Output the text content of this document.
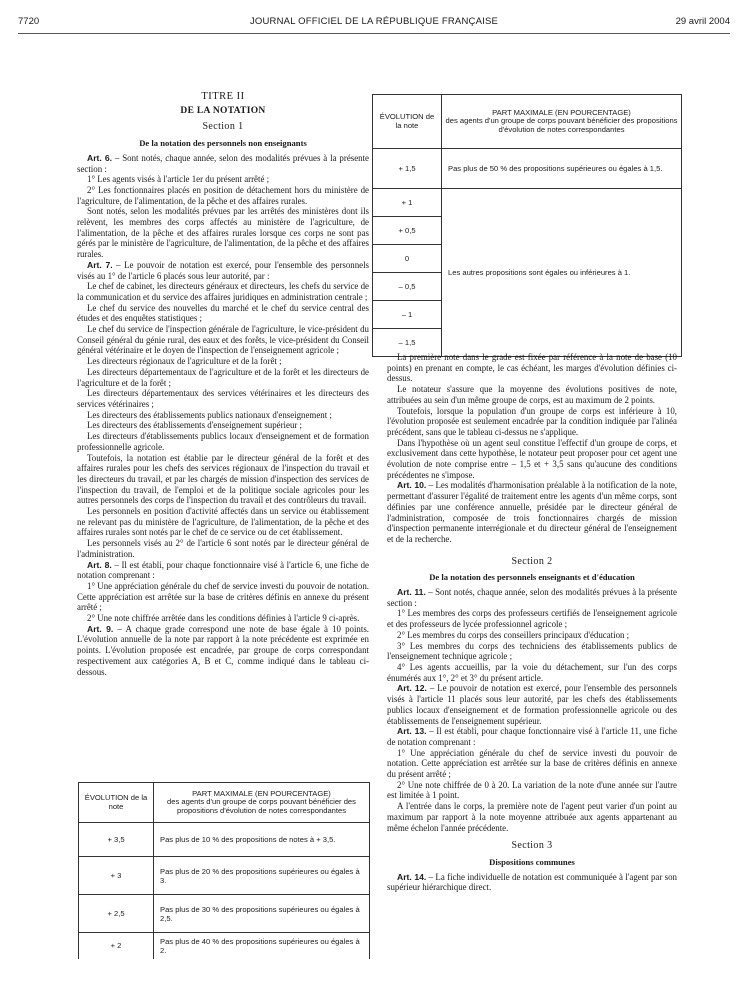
7720	JOURNAL OFFICIEL DE LA RÉPUBLIQUE FRANÇAISE	29 avril 2004
TITRE II
DE LA NOTATION
Section 1
De la notation des personnels non enseignants

Art. 6. – Sont notés, chaque année, selon des modalités prévues à la présente section :

1° Les agents visés à l'article 1er du présent arrêté ;

2° Les fonctionnaires placés en position de détachement hors du ministère de l'agriculture, de l'alimentation, de la pêche et des affaires rurales.

Sont notés, selon les modalités prévues par les arrêtés des ministères dont ils relèvent, les membres des corps affectés au ministère de l'agriculture, de l'alimentation, de la pêche et des affaires rurales lorsque ces corps ne sont pas gérés par le ministère de l'agriculture, de l'alimentation, de la pêche et des affaires rurales.

Art. 7. – Le pouvoir de notation est exercé, pour l'ensemble des personnels visés au 1° de l'article 6 placés sous leur autorité, par :

Le chef de cabinet, les directeurs généraux et directeurs, les chefs du service de la communication et du service des affaires juridiques en administration centrale ;

Le chef du service des nouvelles du marché et le chef du service central des études et des enquêtes statistiques ;

Le chef du service de l'inspection générale de l'agriculture, le vice-président du Conseil général du génie rural, des eaux et des forêts, le vice-président du Conseil général vétérinaire et le doyen de l'inspection de l'enseignement agricole ;

Les directeurs régionaux de l'agriculture et de la forêt ;

Les directeurs départementaux de l'agriculture et de la forêt et les directeurs de l'agriculture et de la forêt ;

Les directeurs départementaux des services vétérinaires et les directeurs des services vétérinaires ;

Les directeurs des établissements publics nationaux d'enseignement ;

Les directeurs des établissements d'enseignement supérieur ;

Les directeurs d'établissements publics locaux d'enseignement et de formation professionnelle agricole.

Toutefois, la notation est établie par le directeur général de la forêt et des affaires rurales pour les chefs des services régionaux de l'inspection du travail et les directeurs du travail, et par les chargés de mission d'inspection des services de l'inspection du travail, de l'emploi et de la politique sociale agricoles pour les autres personnels des corps de l'inspection du travail et des contrôleurs du travail.

Les personnels en position d'activité affectés dans un service ou établissement ne relevant pas du ministère de l'agriculture, de l'alimentation, de la pêche et des affaires rurales sont notés par le chef de ce service ou de cet établissement.

Les personnels visés au 2° de l'article 6 sont notés par le directeur général de l'administration.

Art. 8. – Il est établi, pour chaque fonctionnaire visé à l'article 6, une fiche de notation comprenant :

1° Une appréciation générale du chef de service investi du pouvoir de notation. Cette appréciation est arrêtée sur la base de critères définis en annexe du présent arrêté ;

2° Une note chiffrée arrêtée dans les conditions définies à l'article 9 ci-après.

Art. 9. – A chaque grade correspond une note de base égale à 10 points. L'évolution annuelle de la note par rapport à la note précédente est exprimée en points. L'évolution proposée est encadrée, par groupe de corps correspondant respectivement aux catégories A, B et C, comme indiqué dans le tableau ci-dessous.

ÉVOLUTION de la note	PART MAXIMALE (EN POURCENTAGE)
des agents d'un groupe de corps pouvant bénéficier des propositions d'évolution de notes correspondantes
+ 1,5	Pas plus de 50 % des propositions supérieures ou égales à 1,5.
+ 1	Les autres propositions sont égales ou inférieures à 1.
+ 0,5	
0	
– 0,5	
– 1	
– 1,5	

La première note dans le grade est fixée par référence à la note de base (10 points) en prenant en compte, le cas échéant, les marges d'évolution définies ci-dessus.

Le notateur s'assure que la moyenne des évolutions positives de note, attribuées au sein d'un même groupe de corps, est au maximum de 2 points.

Toutefois, lorsque la population d'un groupe de corps est inférieure à 10, l'évolution proposée est seulement encadrée par la condition indiquée par l'alinéa précédent, sans que le tableau ci-dessus ne s'applique.

Dans l'hypothèse où un agent seul constitue l'effectif d'un groupe de corps, et exclusivement dans cette hypothèse, le notateur peut proposer pour cet agent une évolution de note comprise entre – 1,5 et + 3,5 sans qu'aucune des conditions précédentes ne s'impose.

Art. 10. – Les modalités d'harmonisation préalable à la notification de la note, permettant d'assurer l'égalité de traitement entre les agents d'un même corps, sont définies par une conférence annuelle, présidée par le directeur général de l'administration, composée de trois fonctionnaires chargés de mission d'inspection permanente interrégionale et du directeur général de l'enseignement et de la recherche.

Section 2
De la notation des personnels enseignants et d'éducation

Art. 11. – Sont notés, chaque année, selon des modalités prévues à la présente section :

1° Les membres des corps des professeurs certifiés de l'enseignement agricole et des professeurs de lycée professionnel agricole ;

2° Les membres du corps des conseillers principaux d'éducation ;

3° Les membres du corps des techniciens des établissements publics de l'enseignement technique agricole ;

4° Les agents accueillis, par la voie du détachement, sur l'un des corps énumérés aux 1°, 2° et 3° du présent article.

Art. 12. – Le pouvoir de notation est exercé, pour l'ensemble des personnels visés à l'article 11 placés sous leur autorité, par les chefs des établissements publics locaux d'enseignement et de formation professionnelle agricole ou des établissements de l'enseignement supérieur.

Art. 13. – Il est établi, pour chaque fonctionnaire visé à l'article 11, une fiche de notation comprenant :

1° Une appréciation générale du chef de service investi du pouvoir de notation. Cette appréciation est arrêtée sur la base de critères définis en annexe du présent arrêté ;

2° Une note chiffrée de 0 à 20. La variation de la note d'une année sur l'autre est limitée à 1 point.

A l'entrée dans le corps, la première note de l'agent peut varier d'un point au maximum par rapport à la note moyenne attribuée aux agents appartenant au même échelon l'année précédente.

Section 3
Dispositions communes

Art. 14. – La fiche individuelle de notation est communiquée à l'agent par son supérieur hiérarchique direct.

ÉVOLUTION de la note	PART MAXIMALE (EN POURCENTAGE)
des agents d'un groupe de corps pouvant bénéficier des propositions d'évolution de notes correspondantes
+ 3,5	Pas plus de 10 % des propositions de notes à + 3,5.
+ 3	Pas plus de 20 % des propositions supérieures ou égales à 3.
+ 2,5	Pas plus de 30 % des propositions supérieures ou égales à 2,5.
+ 2	Pas plus de 40 % des propositions supérieures ou égales à 2.
